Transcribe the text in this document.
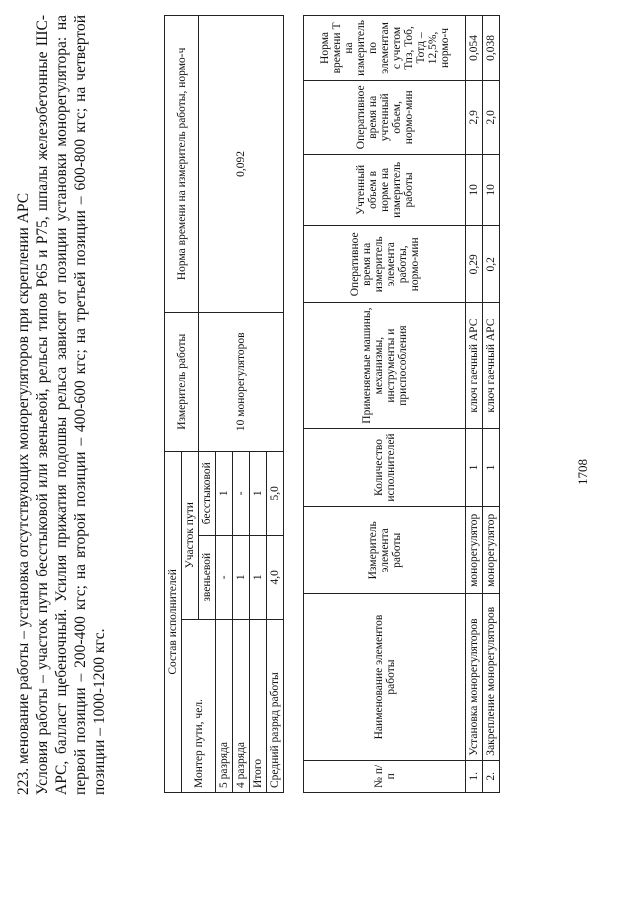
1708

223. менование работы – установка отсутствующих монорегуляторов при скреплении АРС Условия работы – участок пути бесстыковой или звеньевой, рельсы типов Р65 и Р75, шпалы железобетонные ШС-АРС, балласт щебеночный. Усилия прижатия подошвы рельса зависят от позиции установки монорегулятора: на первой позиции – 200-400 кгс; на второй позиции – 400-600 кгс; на третьей позиции – 600-800 кгс; на четвертой позиции – 1000-1200 кгс.

Состав исполнителей			Измеритель работы	Норма времени на измеритель работы, нормо-ч
Монтер пути, чел.	Участок пути			
	звеньевой	бесстыковой	10 монорегуляторов	0,092
5 разряда	-	1		
4 разряда	1	-		
Итого	1	1		
Средний разряд работы	4,0	5,0		
№ п/п	Наименование элементов работы	Измеритель элемента работы	Количество исполнителей	Применяемые машины, механизмы, инструменты и приспособления	Оперативное время на измеритель элемента работы, нормо-мин	Учтенный объем в норме на измеритель работы	Оперативное время на учтенный объем, нормо-мин	Норма времени Т на измеритель по элементам с учетом Тпз, Тоб, Тотд – 12,5%, нормо-ч
1.	Установка монорегуляторов	монорегулятор	1	ключ гаечный АРС	0,29	10	2,9	0,054
2.	Закрепление монорегуляторов	монорегулятор	1	ключ гаечный АРС	0,2	10	2,0	0,038
